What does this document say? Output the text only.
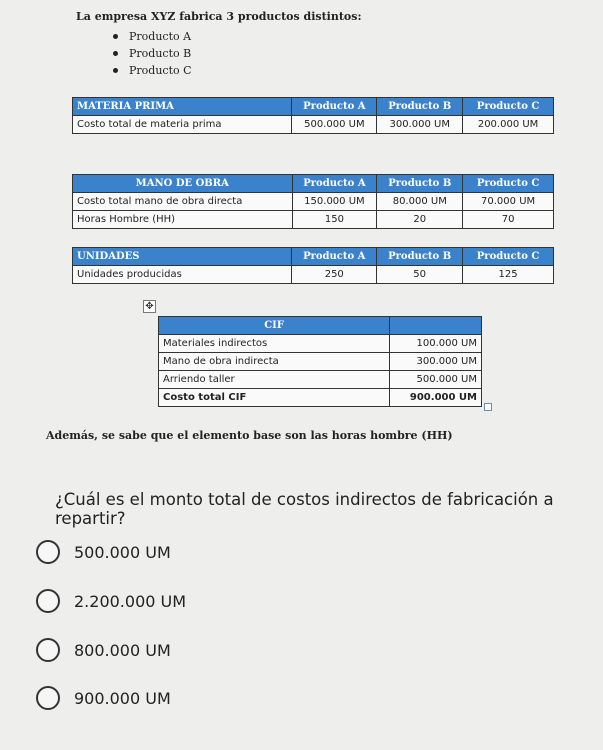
La empresa XYZ fabrica 3 productos distintos:
Producto A
Producto B
Producto C
MATERIA PRIMA	Producto A	Producto B	Producto C
Costo total de materia prima	500.000 UM	300.000 UM	200.000 UM
MANO DE OBRA	Producto A	Producto B	Producto C
Costo total mano de obra directa	150.000 UM	80.000 UM	70.000 UM
Horas Hombre (HH)	150	20	70
UNIDADES	Producto A	Producto B	Producto C
Unidades producidas	250	50	125
✥
CIF	
Materiales indirectos	100.000 UM
Mano de obra indirecta	300.000 UM
Arriendo taller	500.000 UM
Costo total CIF	900.000 UM
Además, se sabe que el elemento base son las horas hombre (HH)
¿Cuál es el monto total de costos indirectos de fabricación a repartir?
500.000 UM
2.200.000 UM
800.000 UM
900.000 UM
